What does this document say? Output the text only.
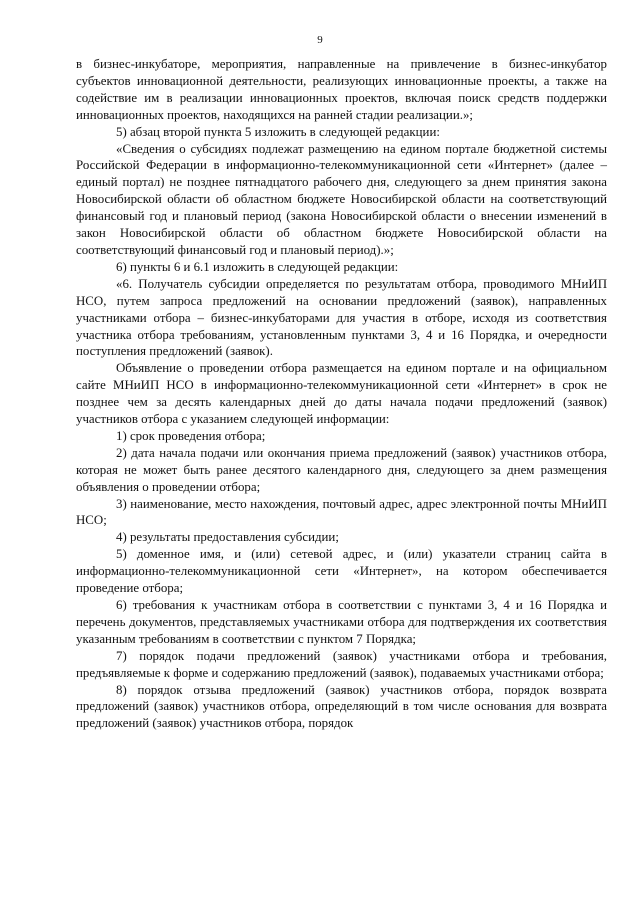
9

в бизнес-инкубаторе, мероприятия, направленные на привлечение в бизнес-инкубатор субъектов инновационной деятельности, реализующих инновационные проекты, а также на содействие им в реализации инновационных проектов, включая поиск средств поддержки инновационных проектов, находящихся на ранней стадии реализации.»;

5) абзац второй пункта 5 изложить в следующей редакции:

«Сведения о субсидиях подлежат размещению на едином портале бюджетной системы Российской Федерации в информационно-телекоммуникационной сети «Интернет» (далее – единый портал) не позднее пятнадцатого рабочего дня, следующего за днем принятия закона Новосибирской области об областном бюджете Новосибирской области на соответствующий финансовый год и плановый период (закона Новосибирской области о внесении изменений в закон Новосибирской области об областном бюджете Новосибирской области на соответствующий финансовый год и плановый период).»;

6) пункты 6 и 6.1 изложить в следующей редакции:

«6. Получатель субсидии определяется по результатам отбора, проводимого МНиИП НСО, путем запроса предложений на основании предложений (заявок), направленных участниками отбора – бизнес-инкубаторами для участия в отборе, исходя из соответствия участника отбора требованиям, установленным пунктами 3, 4 и 16 Порядка, и очередности поступления предложений (заявок).

Объявление о проведении отбора размещается на едином портале и на официальном сайте МНиИП НСО в информационно-телекоммуникационной сети «Интернет» в срок не позднее чем за десять календарных дней до даты начала подачи предложений (заявок) участников отбора с указанием следующей информации:

1) срок проведения отбора;

2) дата начала подачи или окончания приема предложений (заявок) участников отбора, которая не может быть ранее десятого календарного дня, следующего за днем размещения объявления о проведении отбора;

3) наименование, место нахождения, почтовый адрес, адрес электронной почты МНиИП НСО;

4) результаты предоставления субсидии;

5) доменное имя, и (или) сетевой адрес, и (или) указатели страниц сайта в информационно-телекоммуникационной сети «Интернет», на котором обеспечивается проведение отбора;

6) требования к участникам отбора в соответствии с пунктами 3, 4 и 16 Порядка и перечень документов, представляемых участниками отбора для подтверждения их соответствия указанным требованиям в соответствии с пунктом 7 Порядка;

7) порядок подачи предложений (заявок) участниками отбора и требования, предъявляемые к форме и содержанию предложений (заявок), подаваемых участниками отбора;

8) порядок отзыва предложений (заявок) участников отбора, порядок возврата предложений (заявок) участников отбора, определяющий в том числе основания для возврата предложений (заявок) участников отбора, порядок
